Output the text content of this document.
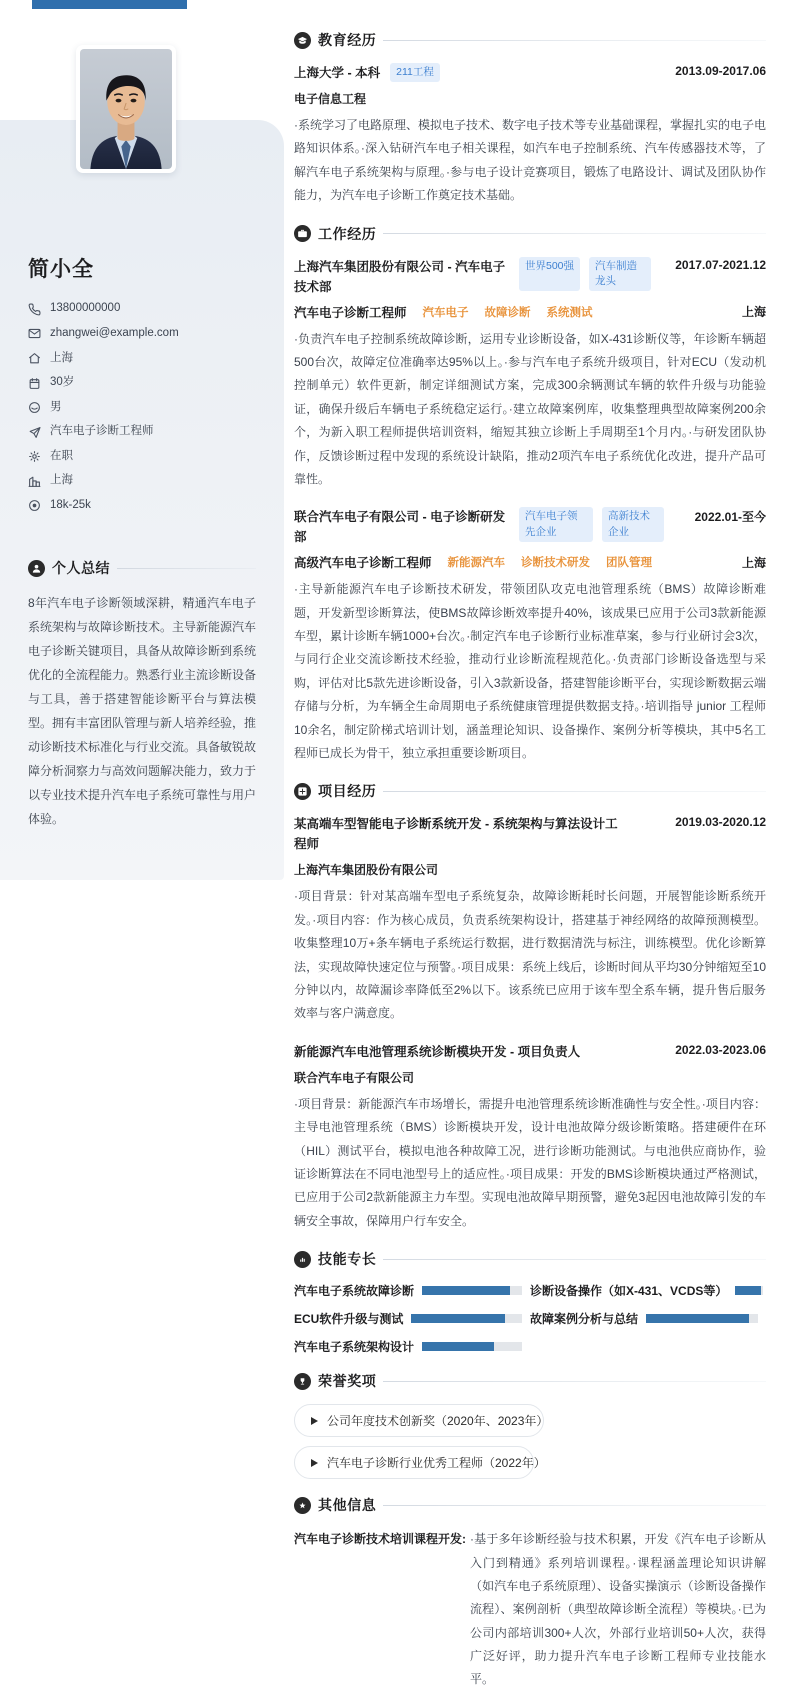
简小全
13800000000
zhangwei@example.com
上海
30岁
男
汽车电子诊断工程师
在职
上海
18k-25k
个人总结

8年汽车电子诊断领域深耕，精通汽车电子系统架构与故障诊断技术。主导新能源汽车电子诊断关键项目，具备从故障诊断到系统优化的全流程能力。熟悉行业主流诊断设备与工具，善于搭建智能诊断平台与算法模型。拥有丰富团队管理与新人培养经验，推动诊断技术标准化与行业交流。具备敏锐故障分析洞察力与高效问题解决能力，致力于以专业技术提升汽车电子系统可靠性与用户体验。

教育经历
上海大学 - 本科	211工程	2013.09-2017.06
电子信息工程

·系统学习了电路原理、模拟电子技术、数字电子技术等专业基础课程，掌握扎实的电子电路知识体系。·深入钻研汽车电子相关课程，如汽车电子控制系统、汽车传感器技术等，了解汽车电子系统架构与原理。·参与电子设计竞赛项目，锻炼了电路设计、调试及团队协作能力，为汽车电子诊断工作奠定技术基础。

工作经历
上海汽车集团股份有限公司 - 汽车电子技术部
世界500强	汽车制造龙头
2017.07-2021.12
汽车电子诊断工程师 汽车电子 故障诊断 系统测试	上海

·负责汽车电子控制系统故障诊断，运用专业诊断设备，如X-431诊断仪等，年诊断车辆超500台次，故障定位准确率达95%以上。·参与汽车电子系统升级项目，针对ECU（发动机控制单元）软件更新，制定详细测试方案，完成300余辆测试车辆的软件升级与功能验证，确保升级后车辆电子系统稳定运行。·建立故障案例库，收集整理典型故障案例200余个，为新入职工程师提供培训资料，缩短其独立诊断上手周期至1个月内。·与研发团队协作，反馈诊断过程中发现的系统设计缺陷，推动2项汽车电子系统优化改进，提升产品可靠性。

联合汽车电子有限公司 - 电子诊断研发部
汽车电子领先企业
高新技术企业
2022.01-至今
高级汽车电子诊断工程师 新能源汽车 诊断技术研发 团队管理	上海

·主导新能源汽车电子诊断技术研发，带领团队攻克电池管理系统（BMS）故障诊断难题，开发新型诊断算法，使BMS故障诊断效率提升40%，该成果已应用于公司3款新能源车型，累计诊断车辆1000+台次。·制定汽车电子诊断行业标准草案，参与行业研讨会3次，与同行企业交流诊断技术经验，推动行业诊断流程规范化。·负责部门诊断设备选型与采购，评估对比5款先进诊断设备，引入3款新设备，搭建智能诊断平台，实现诊断数据云端存储与分析，为车辆全生命周期电子系统健康管理提供数据支持。·培训指导 junior 工程师10余名，制定阶梯式培训计划，涵盖理论知识、设备操作、案例分析等模块，其中5名工程师已成长为骨干，独立承担重要诊断项目。

项目经历
某高端车型智能电子诊断系统开发 - 系统架构与算法设计工程师
2019.03-2020.12
上海汽车集团股份有限公司

·项目背景：针对某高端车型电子系统复杂，故障诊断耗时长问题，开展智能诊断系统开发。·项目内容：作为核心成员，负责系统架构设计，搭建基于神经网络的故障预测模型。收集整理10万+条车辆电子系统运行数据，进行数据清洗与标注，训练模型。优化诊断算法，实现故障快速定位与预警。·项目成果：系统上线后，诊断时间从平均30分钟缩短至10分钟以内，故障漏诊率降低至2%以下。该系统已应用于该车型全系车辆，提升售后服务效率与客户满意度。

新能源汽车电池管理系统诊断模块开发 - 项目负责人	2022.03-2023.06
联合汽车电子有限公司

·项目背景：新能源汽车市场增长，需提升电池管理系统诊断准确性与安全性。·项目内容：主导电池管理系统（BMS）诊断模块开发，设计电池故障分级诊断策略。搭建硬件在环（HIL）测试平台，模拟电池各种故障工况，进行诊断功能测试。与电池供应商协作，验证诊断算法在不同电池型号上的适应性。·项目成果：开发的BMS诊断模块通过严格测试，已应用于公司2款新能源主力车型。实现电池故障早期预警，避免3起因电池故障引发的车辆安全事故，保障用户行车安全。

技能专长
汽车电子系统故障诊断	诊断设备操作（如X-431、VCDS等）
ECU软件升级与测试	故障案例分析与总结
汽车电子系统架构设计
荣誉奖项
公司年度技术创新奖（2020年、2023年）
汽车电子诊断行业优秀工程师（2022年）
其他信息
汽车电子诊断技术培训课程开发: ·基于多年诊断经验与技术积累，开发《汽车电子诊断从入门到精通》系列培训课程。·课程涵盖理论知识讲解（如汽车电子系统原理）、设备实操演示（诊断设备操作流程）、案例剖析（典型故障诊断全流程）等模块。·已为公司内部培训300+人次，外部行业培训50+人次，获得广泛好评，助力提升汽车电子诊断工程师专业技能水平。
